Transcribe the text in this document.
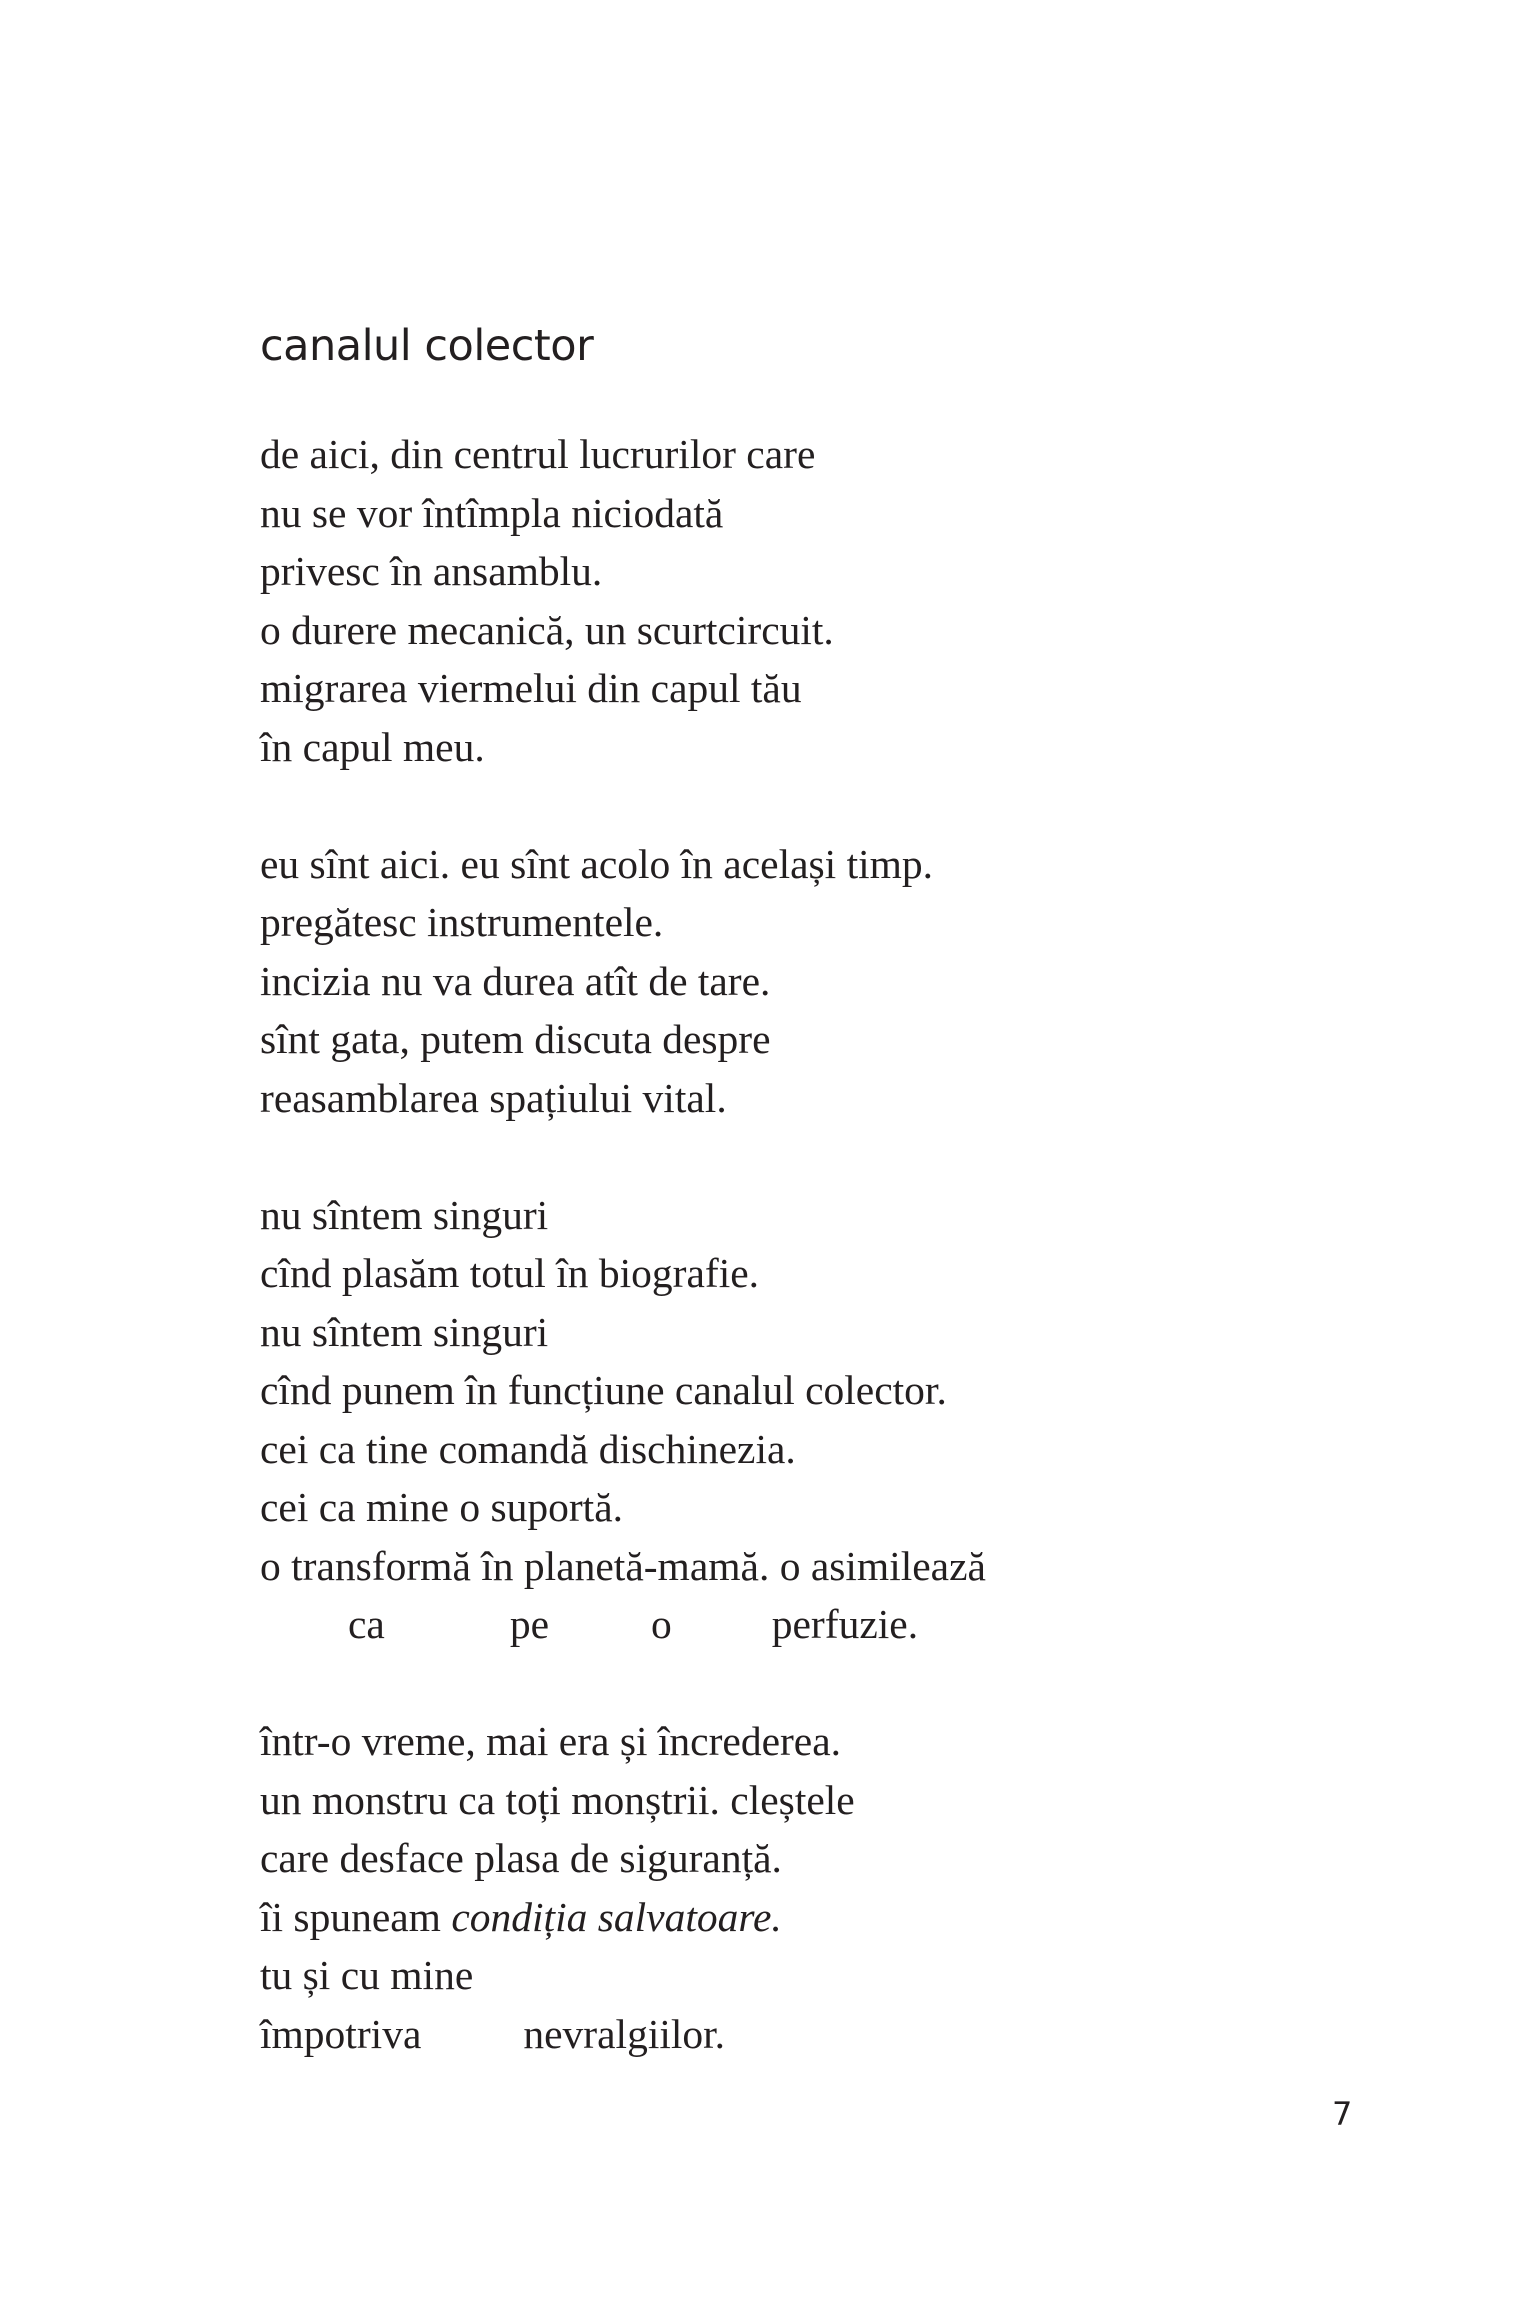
canalul colector
de aici, din centrul lucrurilor care
nu se vor întîmpla niciodată
privesc în ansamblu.
o durere mecanică, un scurtcircuit.
migrarea viermelui din capul tău
în capul meu.
eu sînt aici. eu sînt acolo în același timp.
pregătesc instrumentele.
incizia nu va durea atît de tare.
sînt gata, putem discuta despre
reasamblarea spațiului vital.
nu sîntem singuri
cînd plasăm totul în biografie.
nu sîntem singuri
cînd punem în funcțiune canalul colector.
cei ca tine comandă dischinezia.
cei ca mine o suportă.
o transformă în planetă-mamă. o asimilează
ca	pe o perfuzie.
într-o vreme, mai era și încrederea.
un monstru ca toți monștrii. cleștele
care desface plasa de siguranță.
îi spuneam condiția salvatoare.
tu și cu mine
împotriva nevralgiilor.
7
